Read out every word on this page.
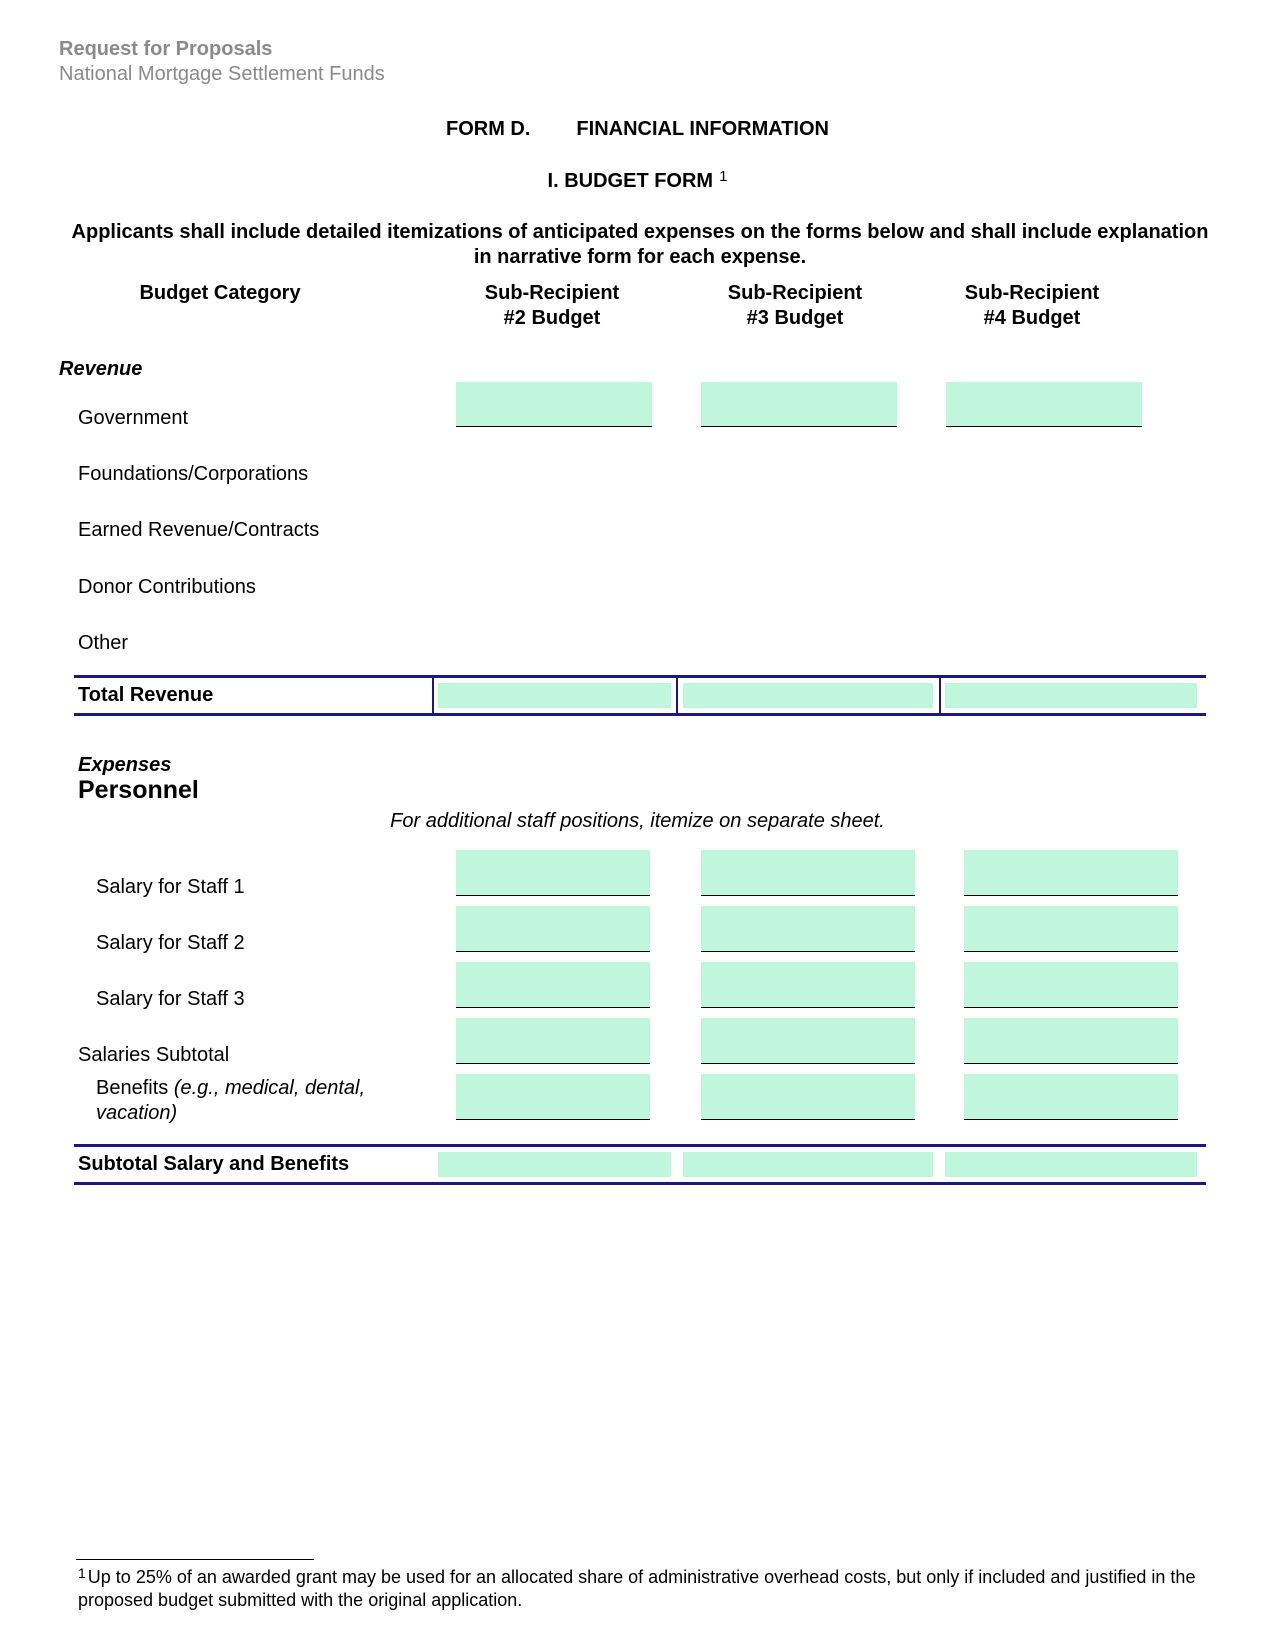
Request for Proposals
National Mortgage Settlement Funds
FORM D. FINANCIAL INFORMATION
I. BUDGET FORM $^1$
Applicants shall include detailed itemizations of anticipated expenses on the forms below and shall include explanation in narrative form for each expense.
Budget Category	Sub-Recipient
#2 Budget
Sub-Recipient
#3 Budget
Sub-Recipient
#4 Budget
Revenue
Government
Foundations/Corporations
Earned Revenue/Contracts
Donor Contributions
Other
Total Revenue
Expenses
Personnel
For additional staff positions, itemize on separate sheet.
Salary for Staff 1
Salary for Staff 2
Salary for Staff 3
Salaries Subtotal
Benefits (e.g., medical, dental,
vacation)
Subtotal Salary and Benefits
$^1$ Up to 25% of an awarded grant may be used for an allocated share of administrative overhead costs, but only if included and justified in the proposed budget submitted with the original application.
